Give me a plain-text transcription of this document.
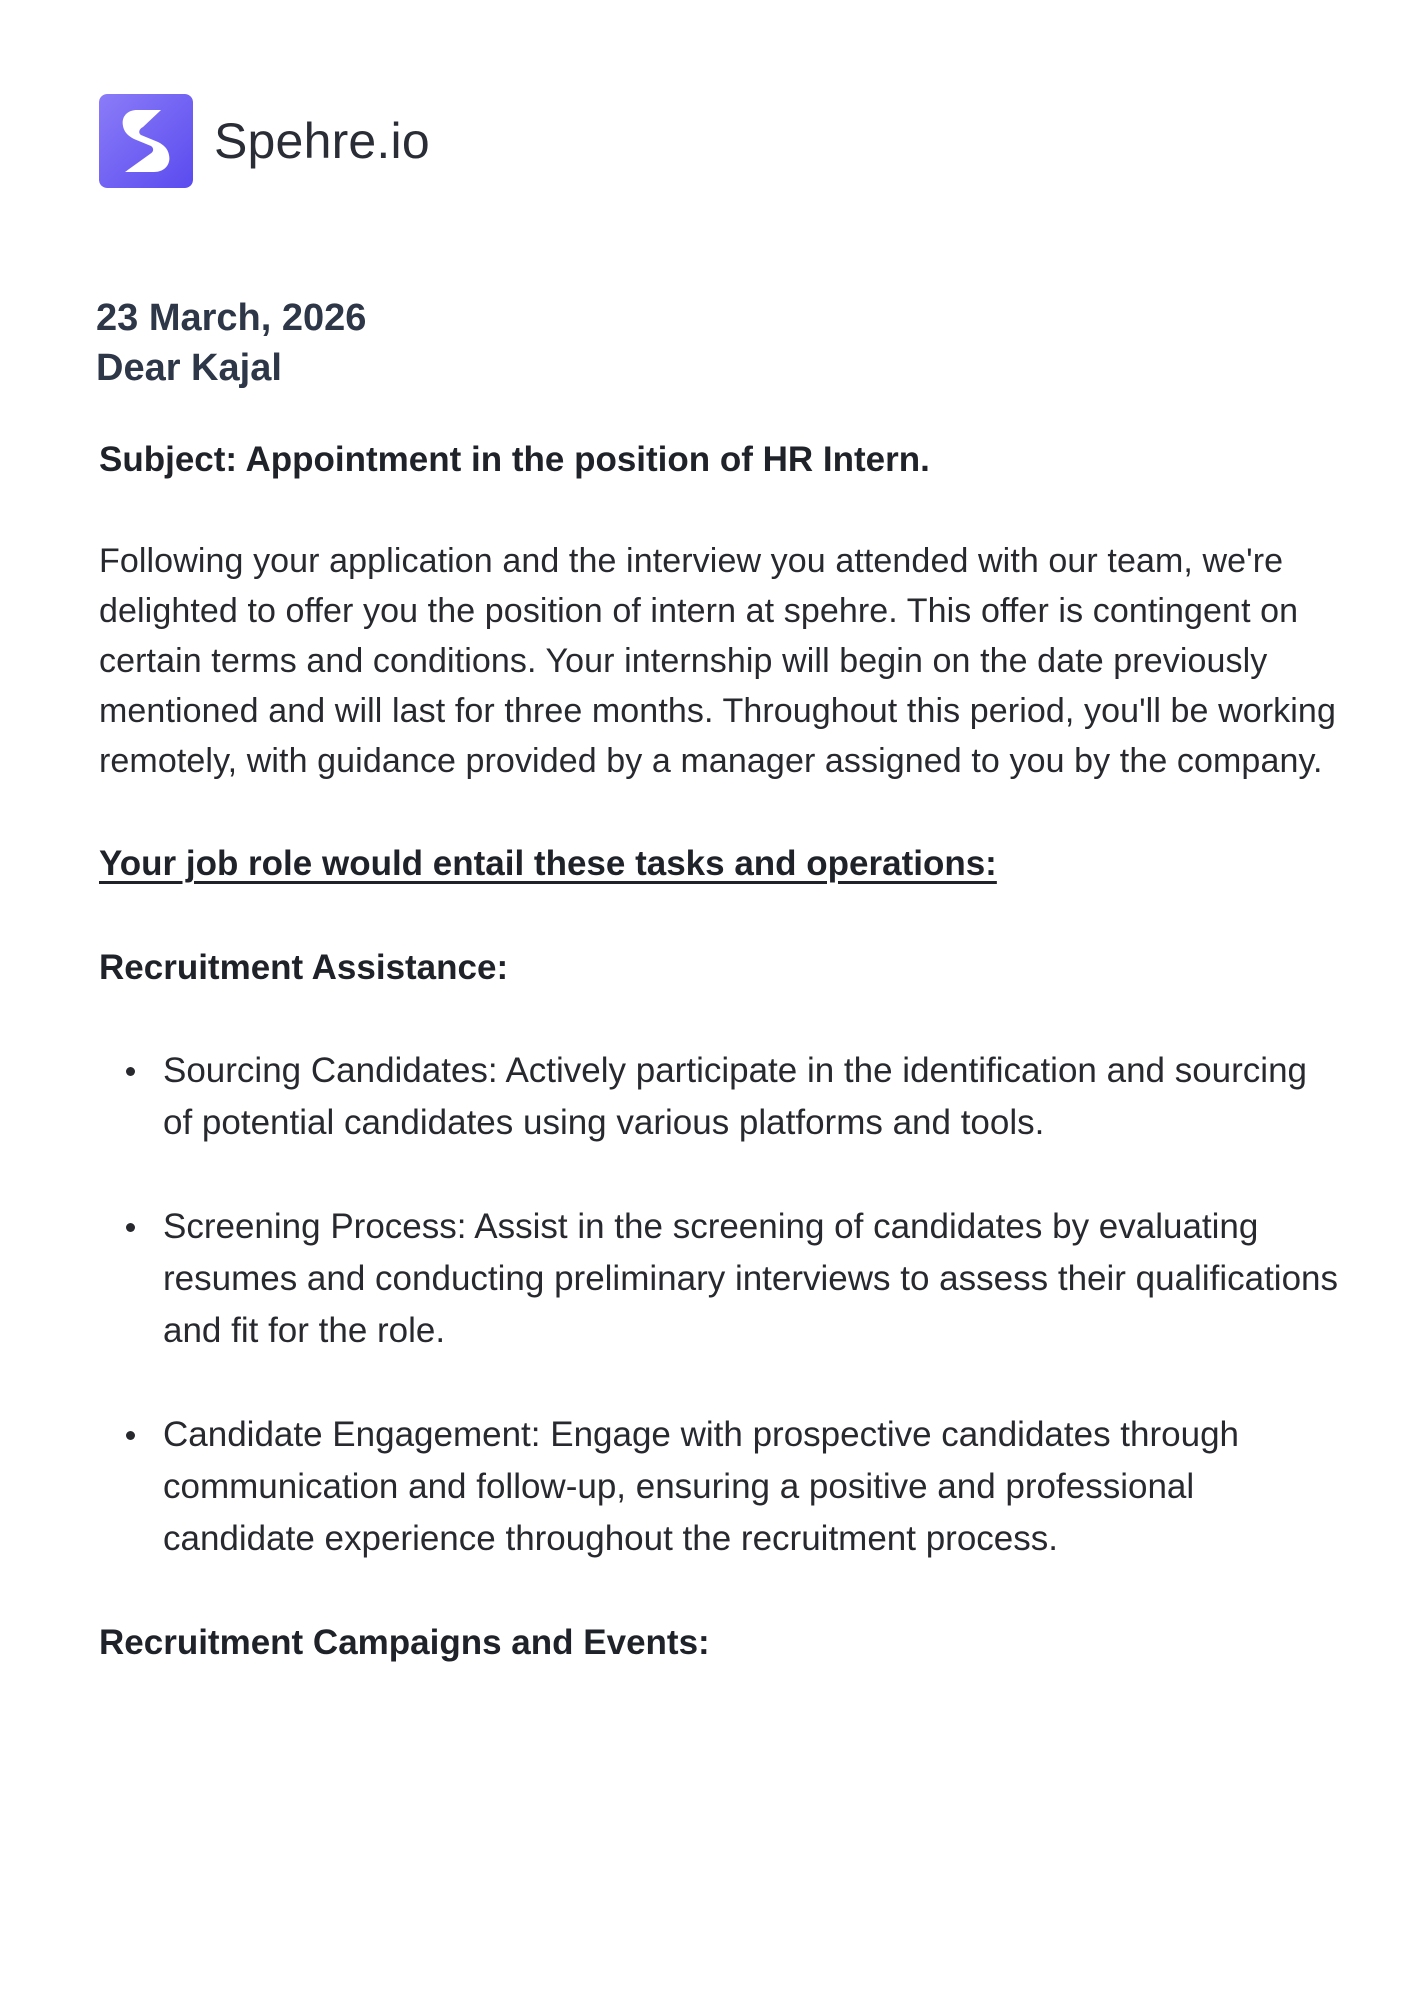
Spehre.io
23 March, 2026
Dear Kajal
Subject: Appointment in the position of HR Intern.

Following your application and the interview you attended with our team, we're delighted to offer you the position of intern at spehre. This offer is contingent on certain terms and conditions. Your internship will begin on the date previously mentioned and will last for three months. Throughout this period, you'll be working remotely, with guidance provided by a manager assigned to you by the company.

Your job role would entail these tasks and operations:
Recruitment Assistance:
Sourcing Candidates: Actively participate in the identification and sourcing of potential candidates using various platforms and tools.
Screening Process: Assist in the screening of candidates by evaluating resumes and conducting preliminary interviews to assess their qualifications and fit for the role.
Candidate Engagement: Engage with prospective candidates through communication and follow-up, ensuring a positive and professional candidate experience throughout the recruitment process.
Recruitment Campaigns and Events:
